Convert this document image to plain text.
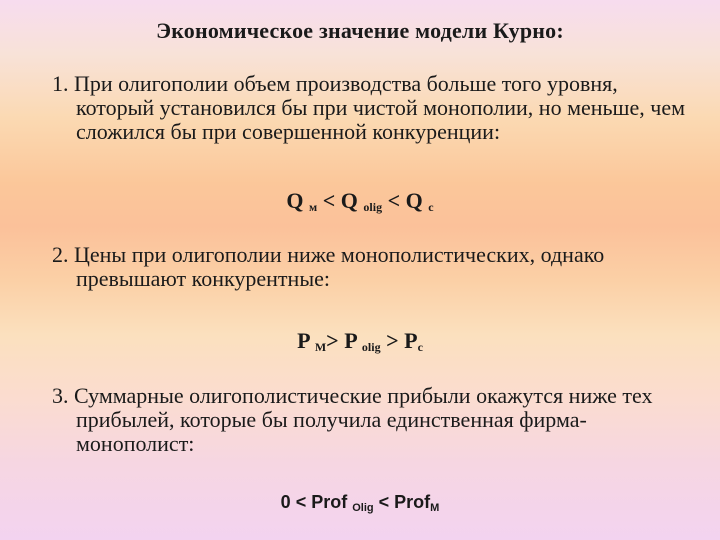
Экономическое значение модели Курно:
1. При олигополии объем производства больше того уровня, который установился бы при чистой монополии, но меньше, чем сложился бы при совершенной конкуренции:
Q $_м$ < Q $_{olig}$ < Q $_c$
2. Цены при олигополии ниже монополистических, однако превышают конкурентные:
P $_M$> P $_{olig} > P_c$
3. Суммарные олигополистические прибыли окажутся ниже тех прибылей, которые бы получила единственная фирма-монополист:
0 < Prof $_{Olig}$ < Prof$_M$
